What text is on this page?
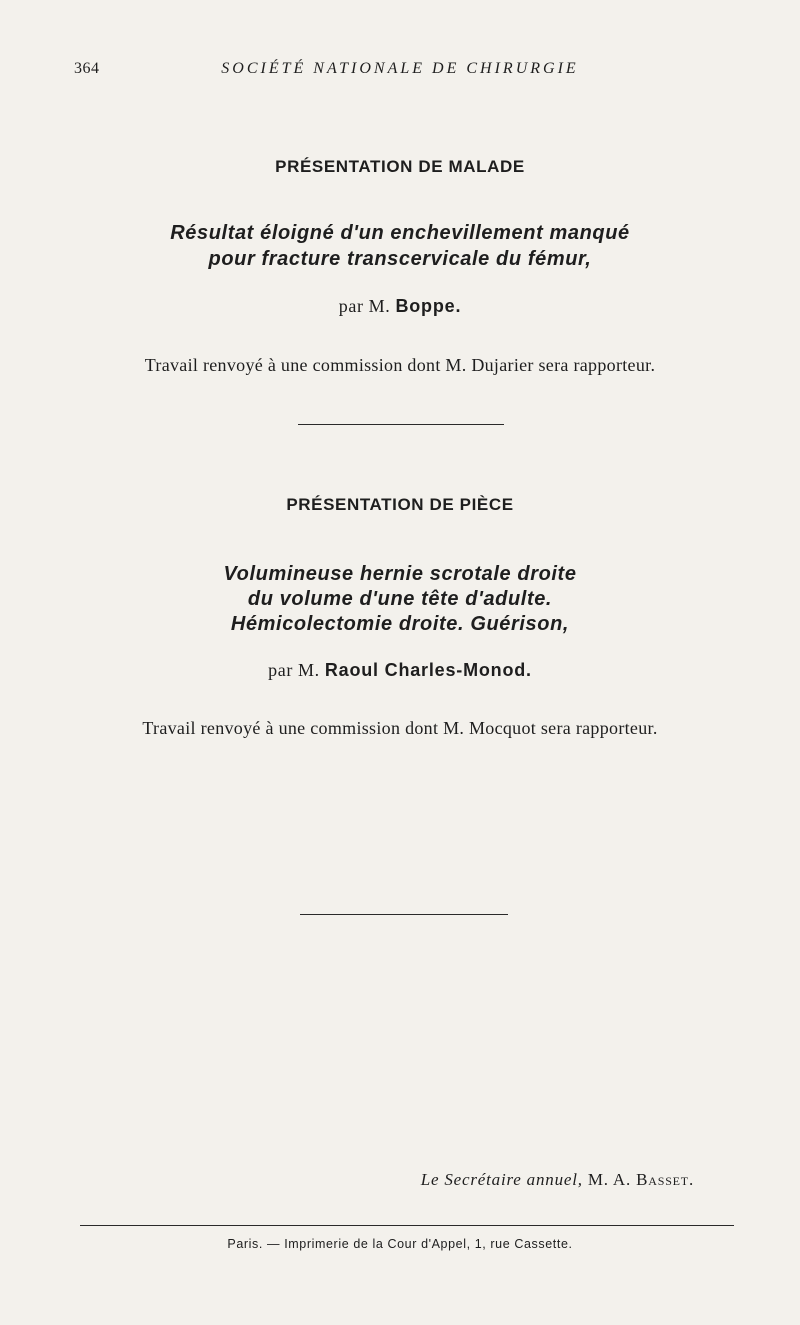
364	SOCIÉTÉ NATIONALE DE CHIRURGIE
PRÉSENTATION DE MALADE
Résultat éloigné d'un enchevillement manqué
pour fracture transcervicale du fémur,
par M. Boppe.
Travail renvoyé à une commission dont M. Dujarier sera rapporteur.
PRÉSENTATION DE PIÈCE
Volumineuse hernie scrotale droite
du volume d'une tête d'adulte.
Hémicolectomie droite. Guérison,
par M. Raoul Charles-Monod.
Travail renvoyé à une commission dont M. Mocquot sera rapporteur.
Le Secrétaire annuel, M. A. Basset.
Paris. — Imprimerie de la Cour d'Appel, 1, rue Cassette.
